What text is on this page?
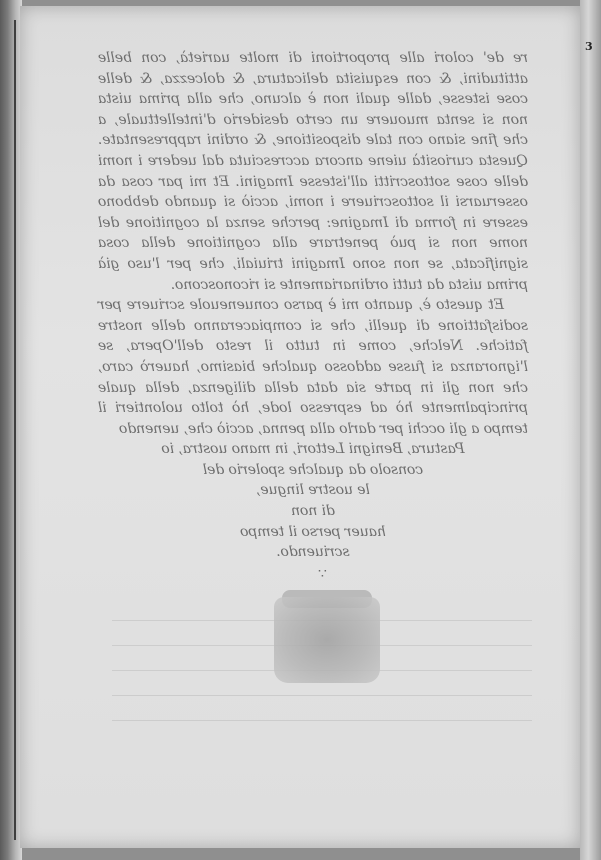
re de' colori alle proportioni di molte uarietà, con belle attitudini, & con esquisita delicatura, & dolcezza, & delle cose istesse, dalle quali non è alcuno, che alla prima uista non si senta muouere un certo desiderio d'intellettuale, a che fine siano con tale dispositione, & ordini rappresentate. Questa curiosità uiene ancora accresciuta dal uedere i nomi delle cose sottoscritti all'istesse Imagini. Et mi par cosa da osseruarsi il sottoscriuere i nomi, acciò si quando debbono essere in forma di Imagine: perche senza la cognitione del nome non si può penetrare alla cognitione della cosa significata, se non sono Imagini triuiali, che per l'uso già prima uista da tutti ordinariamente si riconoscono.

Et questo è, quanto mi è parso conueneuole scriuere per sodisfattione di quelli, che si compiaceranno delle nostre fatiche. Nelche, come in tutto il resto dell'Opera, se l'ignoranza si fusse addosso qualche biasimo, hauerò caro, che non gli in parte sia data della diligenza, della quale principalmente hò ad espresso lode, hò tolto uolontieri il tempo a gli occhi per darlo alla penna, acciò che, uenendo

Pastura, Benigni Lettori, in mano uostra, io
consolo da qualche spolerio del
le uostre lingue,
di non
hauer perso il tempo
scriuendo.
∵
3
